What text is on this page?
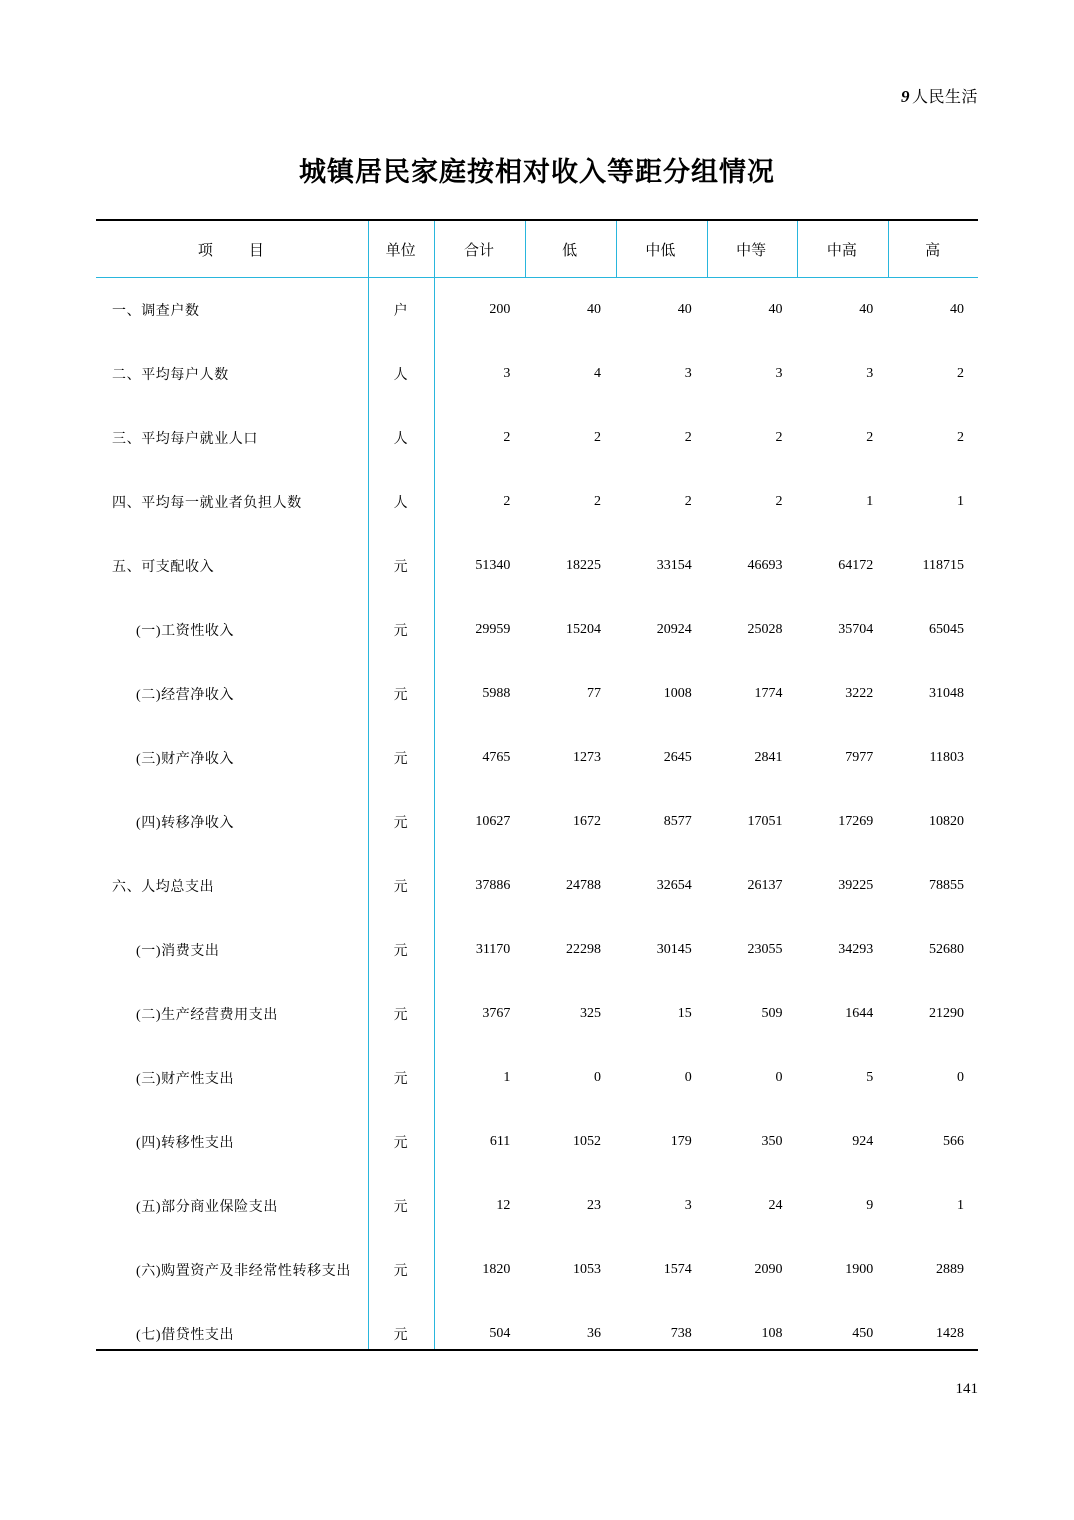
9 人民生活
城镇居民家庭按相对收入等距分组情况
项 目	单位	合计	低	中低	中等	中高	高
一、调查户数	户	200	40	40	40	40	40
二、平均每户人数	人	3	4	3	3	3	2
三、平均每户就业人口	人	2	2	2	2	2	2
四、平均每一就业者负担人数	人	2	2	2	2	1	1
五、可支配收入	元	51340	18225	33154	46693	64172	118715
(一)工资性收入	元	29959	15204	20924	25028	35704	65045
(二)经营净收入	元	5988	77	1008	1774	3222	31048
(三)财产净收入	元	4765	1273	2645	2841	7977	11803
(四)转移净收入	元	10627	1672	8577	17051	17269	10820
六、人均总支出	元	37886	24788	32654	26137	39225	78855
(一)消费支出	元	31170	22298	30145	23055	34293	52680
(二)生产经营费用支出	元	3767	325	15	509	1644	21290
(三)财产性支出	元	1	0	0	0	5	0
(四)转移性支出	元	611	1052	179	350	924	566
(五)部分商业保险支出	元	12	23	3	24	9	1
(六)购置资产及非经常性转移支出	元	1820	1053	1574	2090	1900	2889
(七)借贷性支出	元	504	36	738	108	450	1428
141
